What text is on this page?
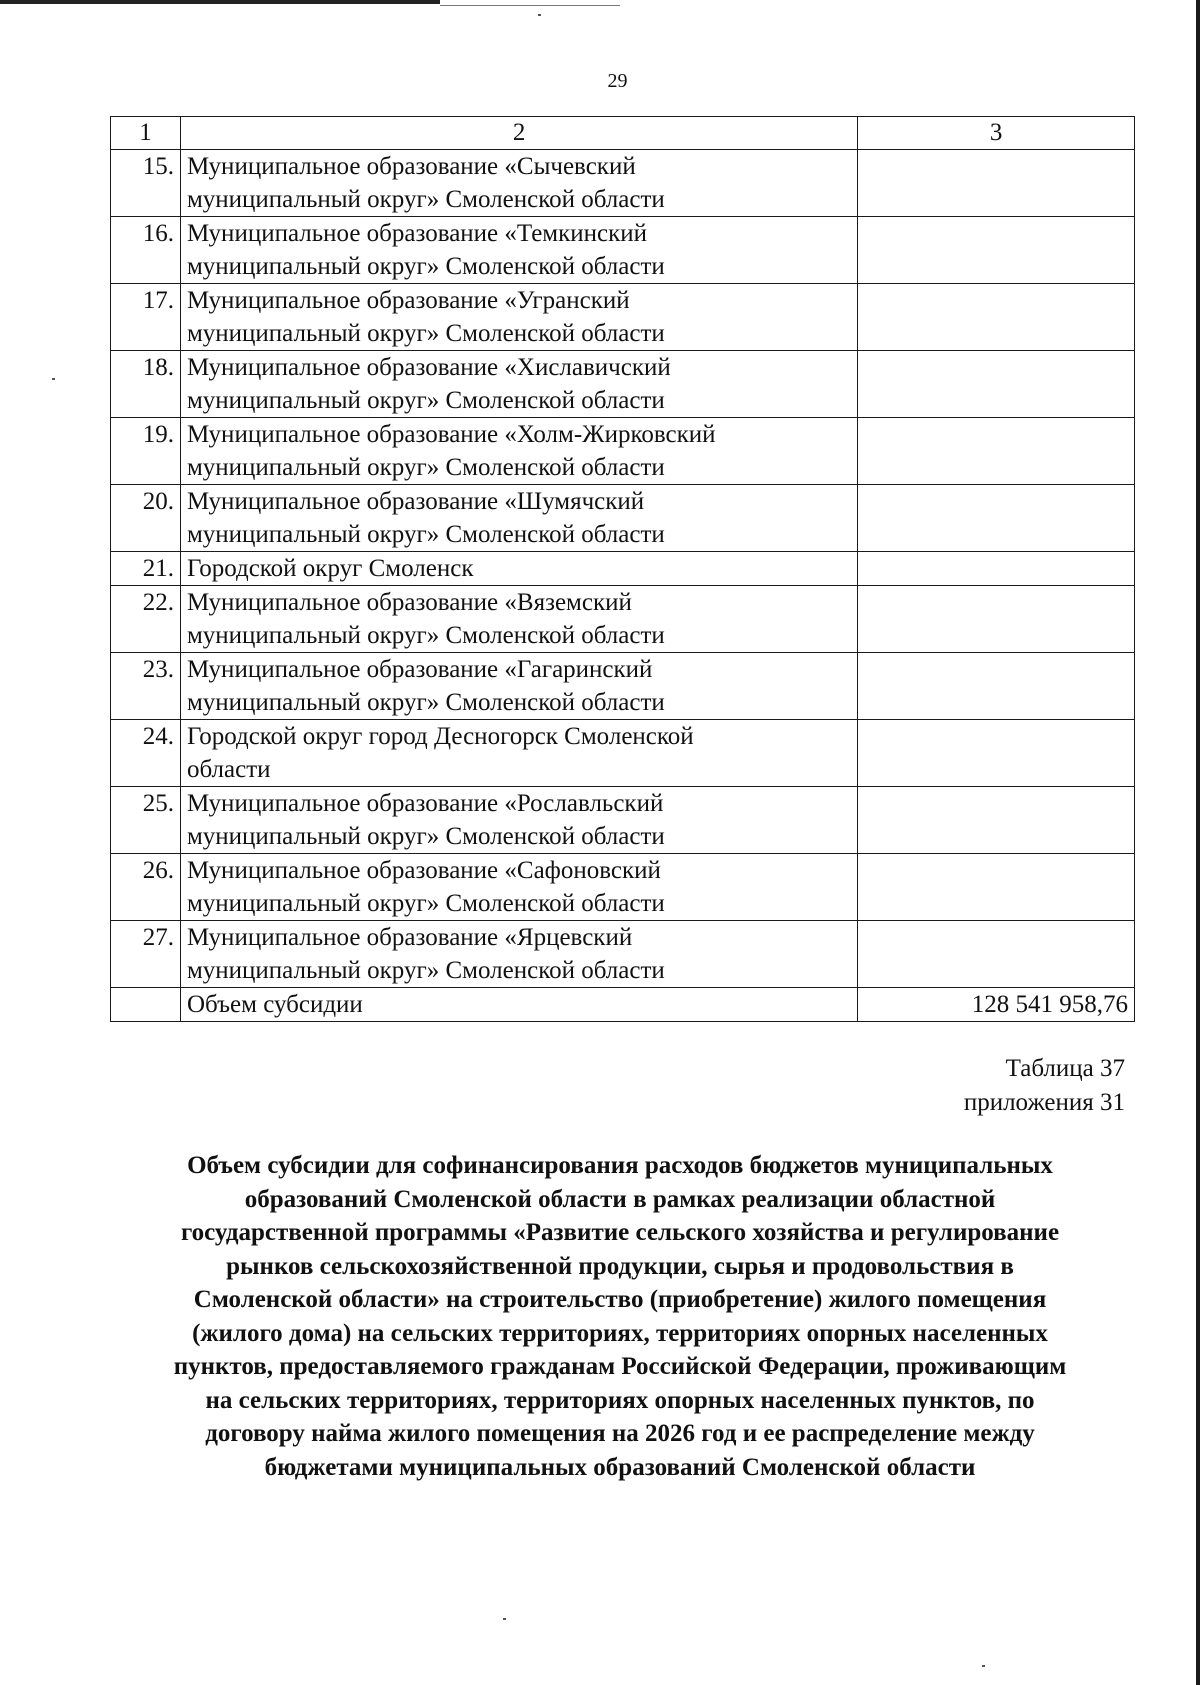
29
1	2	3
15.	Муниципальное образование «Сычевский
муниципальный округ» Смоленской области	

16.	Муниципальное образование «Темкинский
муниципальный округ» Смоленской области	

17.	Муниципальное образование «Угранский
муниципальный округ» Смоленской области	

18.	Муниципальное образование «Хиславичский
муниципальный округ» Смоленской области	

19.	Муниципальное образование «Холм-Жирковский
муниципальный округ» Смоленской области	

20.	Муниципальное образование «Шумячский
муниципальный округ» Смоленской области	

21.	Городской округ Смоленск	

22.	Муниципальное образование «Вяземский
муниципальный округ» Смоленской области	

23.	Муниципальное образование «Гагаринский
муниципальный округ» Смоленской области	

24.	Городской округ город Десногорск Смоленской
области	

25.	Муниципальное образование «Рославльский
муниципальный округ» Смоленской области	

26.	Муниципальное образование «Сафоновский
муниципальный округ» Смоленской области	

27.	Муниципальное образование «Ярцевский
муниципальный округ» Смоленской области	

	Объем субсидии	128 541 958,76
Таблица 37
приложения 31
Объем субсидии для софинансирования расходов бюджетов муниципальных
образований Смоленской области в рамках реализации областной
государственной программы «Развитие сельского хозяйства и регулирование
рынков сельскохозяйственной продукции, сырья и продовольствия в
Смоленской области» на строительство (приобретение) жилого помещения
(жилого дома) на сельских территориях, территориях опорных населенных
пунктов, предоставляемого гражданам Российской Федерации, проживающим
на сельских территориях, территориях опорных населенных пунктов, по
договору найма жилого помещения на 2026 год и ее распределение между
бюджетами муниципальных образований Смоленской области
